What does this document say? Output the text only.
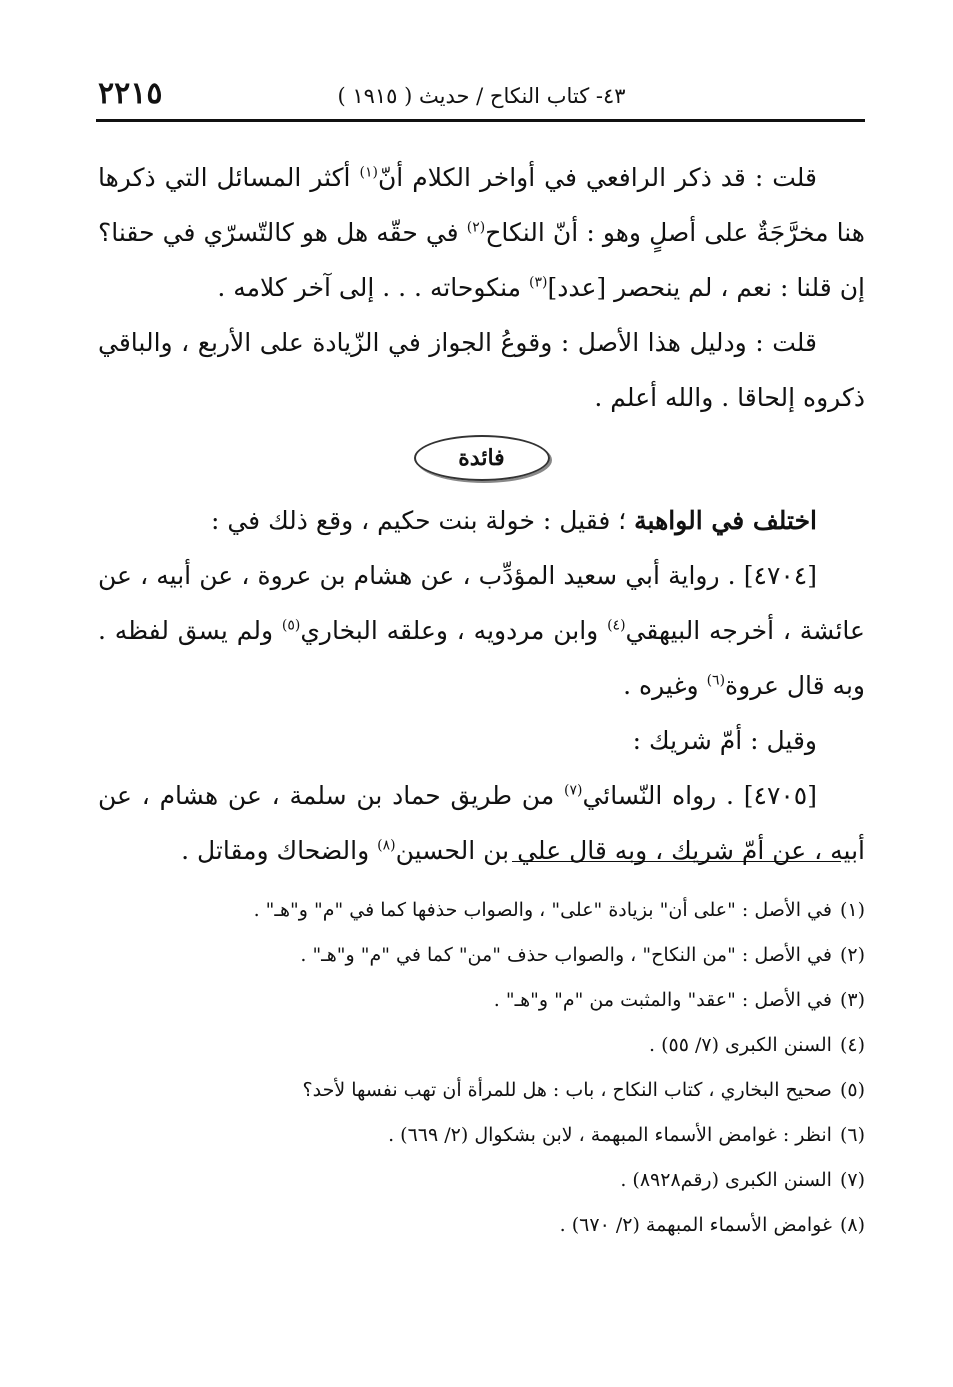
٤٣- كتاب النكاح / حديث ( ١٩١٥ )
٢٢١٥

قلت : قد ذكر الرافعي في أواخر الكلام أنّ$^{(١)}$ أكثر المسائل التي ذكرها هنا مخرَّجَةٌ على أصلٍ وهو : أنّ النكاح$^{(٢)}$ في حقّه هل هو كالتّسرّي في حقنا؟ إن قلنا : نعم ، لم ينحصر [عدد]$^{(٣)}$ منكوحاته . . . إلى آخر كلامه .

قلت : ودليل هذا الأصل : وقوعُ الجواز في الزّيادة على الأربع ، والباقي ذكروه إلحاقا . والله أعلم .

فائدة

اختلف في الواهبة ؛ فقيل : خولة بنت حكيم ، وقع ذلك في :

[٤٧٠٤] . رواية أبي سعيد المؤدِّب ، عن هشام بن عروة ، عن أبيه ، عن عائشة ، أخرجه البيهقي$^{(٤)}$ وابن مردويه ، وعلقه البخاري$^{(٥)}$ ولم يسق لفظه . وبه قال عروة$^{(٦)}$ وغيره .

وقيل : أمّ شريك :

[٤٧٠٥] . رواه النّسائي$^{(٧)}$ من طريق حماد بن سلمة ، عن هشام ، عن أبيه ، عن أمّ شريك ، وبه قال علي بن الحسين$^{(٨)}$ والضحاك ومقاتل .

(١)في الأصل : "على أن" بزيادة "على" ، والصواب حذفها كما في "م" و"هـ" .
(٢)في الأصل : "من النكاح" ، والصواب حذف "من" كما في "م" و"هـ" .
(٣)في الأصل : "عقد" والمثبت من "م" و"هـ" .
(٤)السنن الكبرى (٧/ ٥٥) .
(٥)صحيح البخاري ، كتاب النكاح ، باب : هل للمرأة أن تهب نفسها لأحد؟
(٦)انظر : غوامض الأسماء المبهمة ، لابن بشكوال (٢/ ٦٦٩) .
(٧)السنن الكبرى (رقم٨٩٢٨) .
(٨)غوامض الأسماء المبهمة (٢/ ٦٧٠) .
